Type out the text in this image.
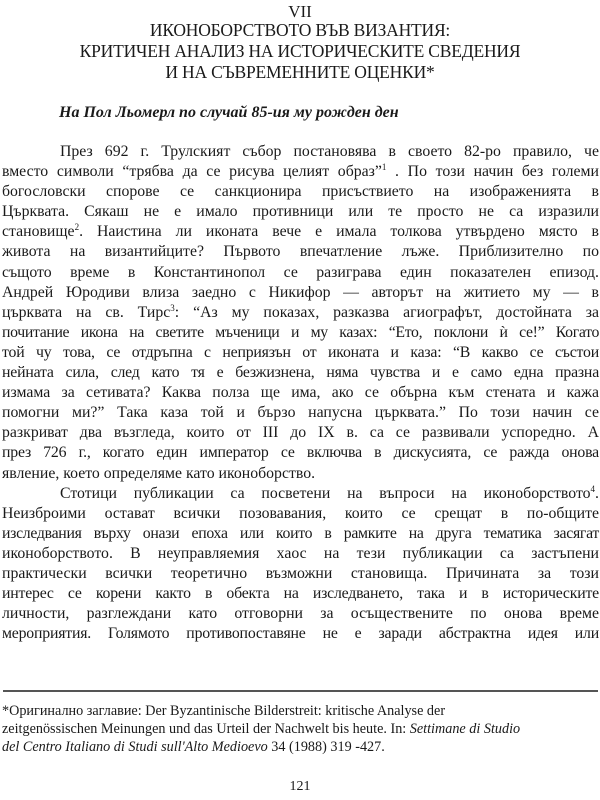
VII
ИКОНОБОРСТВОТО ВЪВ ВИЗАНТИЯ:
КРИТИЧЕН АНАЛИЗ НА ИСТОРИЧЕСКИТЕ СВЕДЕНИЯ
И НА СЪВРЕМЕННИТЕ ОЦЕНКИ*
На Пол Льомерл по случай 85-ия му рожден ден
През 692 г. Трулският събор постановява в своето 82-ро правило, че
вместо символи “трябва да се рисува целият образ”$^1$ . По този начин без големи
богословски спорове се санкционира присъствието на изображенията в
Църквата. Сякаш не е имало противници или те просто не са изразили
становище$^2$. Наистина ли иконата вече е имала толкова утвърдено място в
живота на византийците? Първото впечатление лъже. Приблизително по
същото време в Константинопол се разиграва един показателен епизод.
Андрей Юродиви влиза заедно с Никифор — авторът на житието му — в
църквата на св. Тирс$^3$: “Аз му показах, разказва агиографът, достойната за
почитание икона на светите мъченици и му казах: “Ето, поклони ѝ се!” Когато
той чу това, се отдръпна с неприязън от иконата и каза: “В какво се състои
нейната сила, след като тя е безжизнена, няма чувства и е само една празна
измама за сетивата? Каква полза ще има, ако се обърна към стената и кажа
помогни ми?” Така каза той и бързо напусна църквата.” По този начин се
разкриват два възгледа, които от III до IX в. са се развивали успоредно. А
през 726 г., когато един император се включва в дискусията, се ражда онова
явление, което определяме като иконоборство.
Стотици публикации са посветени на въпроси на иконоборството$^4$.
Неизброими остават всички позовавания, които се срещат в по-общите
изследвания върху онази епоха или които в рамките на друга тематика засягат
иконоборството. В неуправляемия хаос на тези публикации са застъпени
практически всички теоретично възможни становища. Причината за този
интерес се корени както в обекта на изследването, така и в историческите
личности, разглеждани като отговорни за осъществените по онова време
мероприятия. Голямото противопоставяне не е заради абстрактна идея или
*Оригинално заглавие: Der Byzantinische Bilderstreit: kritische Analyse der
zeitgenössischen Meinungen und das Urteil der Nachwelt bis heute. In: Settimane di Studio
del Centro Italiano di Studi sull'Alto Medioevo 34 (1988) 319 -427.
121
